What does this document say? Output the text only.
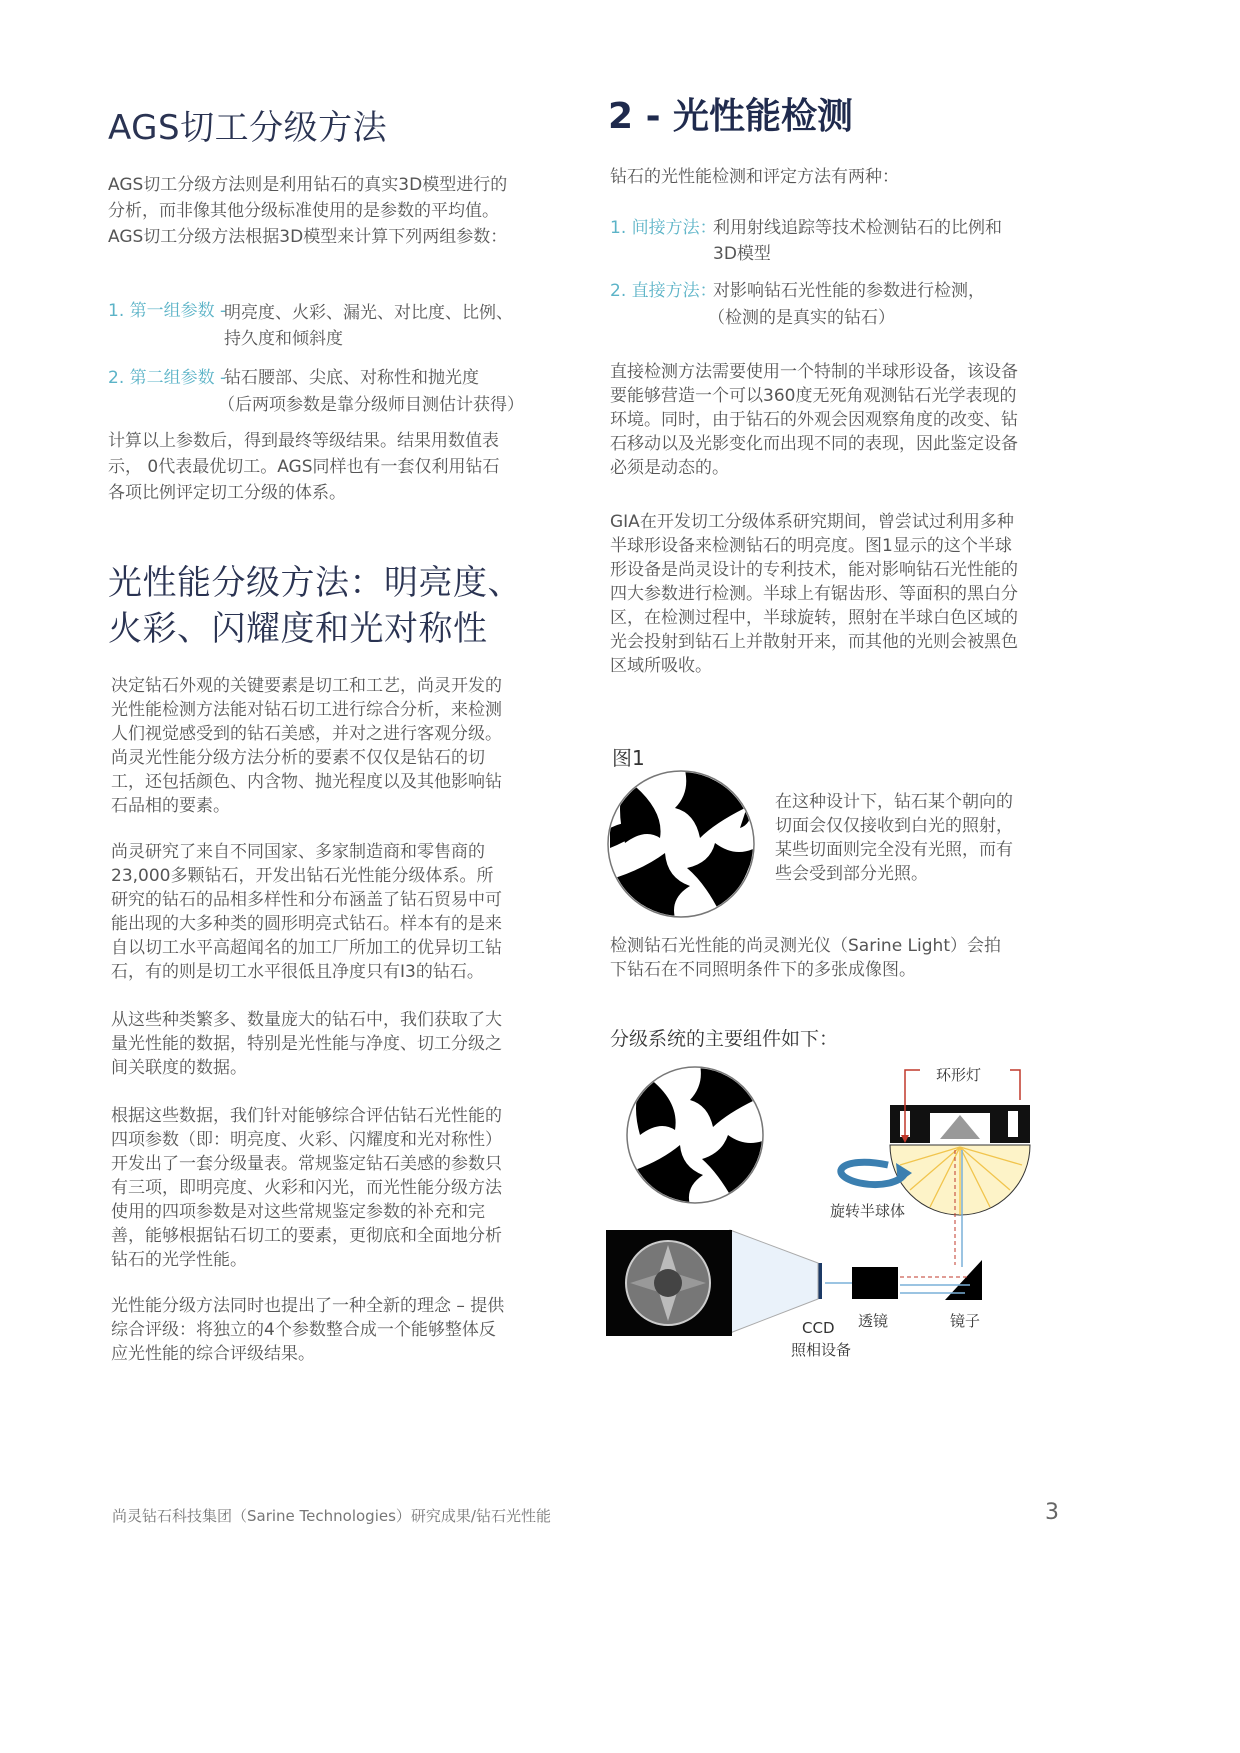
AGS切工分级方法

AGS切工分级方法则是利用钻石的真实3D模型进行的分析，而非像其他分级标准使用的是参数的平均值。AGS切工分级方法根据3D模型来计算下列两组参数：

1. 第一组参数 -

明亮度、火彩、漏光、对比度、比例、持久度和倾斜度

2. 第二组参数 -

钻石腰部、尖底、对称性和抛光度

（后两项参数是靠分级师目测估计获得）

计算以上参数后，得到最终等级结果。结果用数值表示， 0代表最优切工。AGS同样也有一套仅利用钻石各项比例评定切工分级的体系。

光性能分级方法：明亮度、
火彩、闪耀度和光对称性

决定钻石外观的关键要素是切工和工艺，尚灵开发的光性能检测方法能对钻石切工进行综合分析，来检测人们视觉感受到的钻石美感，并对之进行客观分级。尚灵光性能分级方法分析的要素不仅仅是钻石的切工，还包括颜色、内含物、抛光程度以及其他影响钻石品相的要素。

尚灵研究了来自不同国家、多家制造商和零售商的23,000多颗钻石，开发出钻石光性能分级体系。所研究的钻石的品相多样性和分布涵盖了钻石贸易中可能出现的大多种类的圆形明亮式钻石。样本有的是来自以切工水平高超闻名的加工厂所加工的优异切工钻石，有的则是切工水平很低且净度只有I3的钻石。

从这些种类繁多、数量庞大的钻石中，我们获取了大量光性能的数据，特别是光性能与净度、切工分级之间关联度的数据。

根据这些数据，我们针对能够综合评估钻石光性能的四项参数（即：明亮度、火彩、闪耀度和光对称性）开发出了一套分级量表。常规鉴定钻石美感的参数只有三项，即明亮度、火彩和闪光，而光性能分级方法使用的四项参数是对这些常规鉴定参数的补充和完善，能够根据钻石切工的要素，更彻底和全面地分析钻石的光学性能。

光性能分级方法同时也提出了一种全新的理念 – 提供综合评级：将独立的4个参数整合成一个能够整体反应光性能的综合评级结果。

2 - 光性能检测

钻石的光性能检测和评定方法有两种：

1. 间接方法：

利用射线追踪等技术检测钻石的比例和

3D模型

2. 直接方法：

对影响钻石光性能的参数进行检测，

（检测的是真实的钻石）

直接检测方法需要使用一个特制的半球形设备，该设备要能够营造一个可以360度无死角观测钻石光学表现的环境。同时，由于钻石的外观会因观察角度的改变、钻石移动以及光影变化而出现不同的表现，因此鉴定设备必须是动态的。

GIA在开发切工分级体系研究期间，曾尝试过利用多种半球形设备来检测钻石的明亮度。图1显示的这个半球形设备是尚灵设计的专利技术，能对影响钻石光性能的四大参数进行检测。半球上有锯齿形、等面积的黑白分区，在检测过程中，半球旋转，照射在半球白色区域的光会投射到钻石上并散射开来，而其他的光则会被黑色区域所吸收。

图1

在这种设计下，钻石某个朝向的切面会仅仅接收到白光的照射，某些切面则完全没有光照，而有些会受到部分光照。

检测钻石光性能的尚灵测光仪（Sarine Light）会拍下钻石在不同照明条件下的多张成像图。

分级系统的主要组件如下：
环形灯
旋转半球体
透镜	镜子
CCD
照相设备
尚灵钻石科技集团（Sarine Technologies）研究成果/钻石光性能	3
